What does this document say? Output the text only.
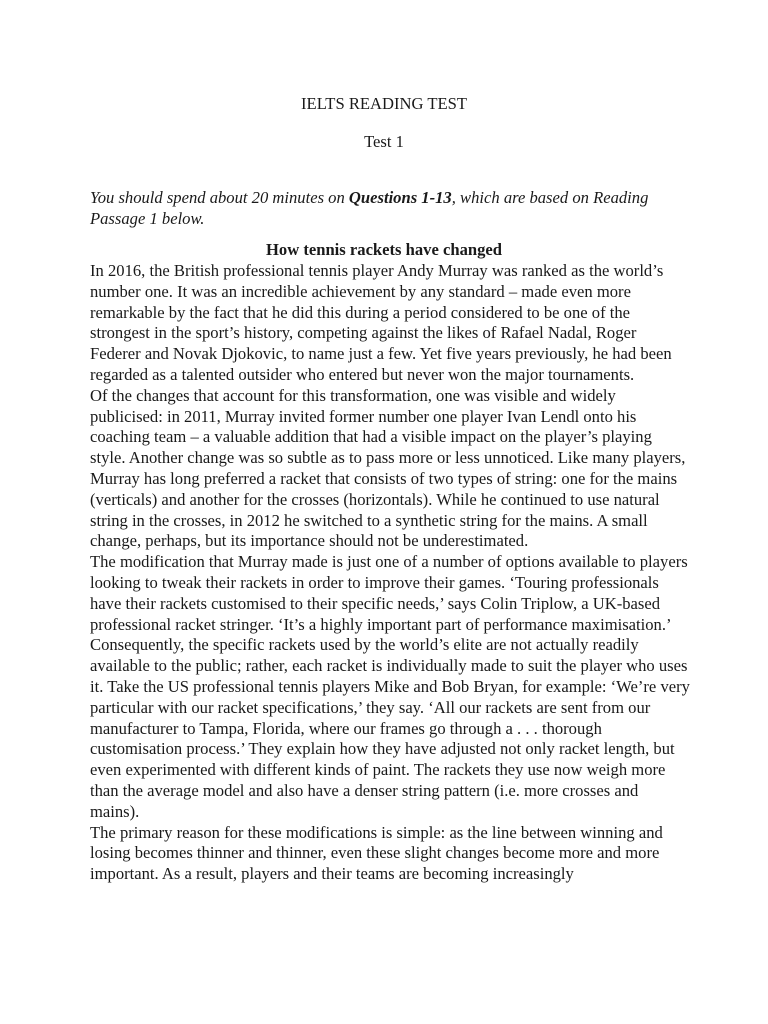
IELTS READING TEST

Test 1

You should spend about 20 minutes on Questions 1-13, which are based on Reading Passage 1 below.

How tennis rackets have changed

In 2016, the British professional tennis player Andy Murray was ranked as the world’s number one. It was an incredible achievement by any standard – made even more remarkable by the fact that he did this during a period considered to be one of the strongest in the sport’s history, competing against the likes of Rafael Nadal, Roger Federer and Novak Djokovic, to name just a few. Yet five years previously, he had been regarded as a talented outsider who entered but never won the major tournaments.

Of the changes that account for this transformation, one was visible and widely publicised: in 2011, Murray invited former number one player Ivan Lendl onto his coaching team – a valuable addition that had a visible impact on the player’s playing style. Another change was so subtle as to pass more or less unnoticed. Like many players, Murray has long preferred a racket that consists of two types of string: one for the mains (verticals) and another for the crosses (horizontals). While he continued to use natural string in the crosses, in 2012 he switched to a synthetic string for the mains. A small change, perhaps, but its importance should not be underestimated.

The modification that Murray made is just one of a number of options available to players looking to tweak their rackets in order to improve their games. ‘Touring professionals have their rackets customised to their specific needs,’ says Colin Triplow, a UK-based professional racket stringer. ‘It’s a highly important part of performance maximisation.’ Consequently, the specific rackets used by the world’s elite are not actually readily available to the public; rather, each racket is individually made to suit the player who uses it. Take the US professional tennis players Mike and Bob Bryan, for example: ‘We’re very particular with our racket specifications,’ they say. ‘All our rackets are sent from our manufacturer to Tampa, Florida, where our frames go through a . . . thorough customisation process.’ They explain how they have adjusted not only racket length, but even experimented with different kinds of paint. The rackets they use now weigh more than the average model and also have a denser string pattern (i.e. more crosses and mains).

The primary reason for these modifications is simple: as the line between winning and losing becomes thinner and thinner, even these slight changes become more and more important. As a result, players and their teams are becoming increasingly
